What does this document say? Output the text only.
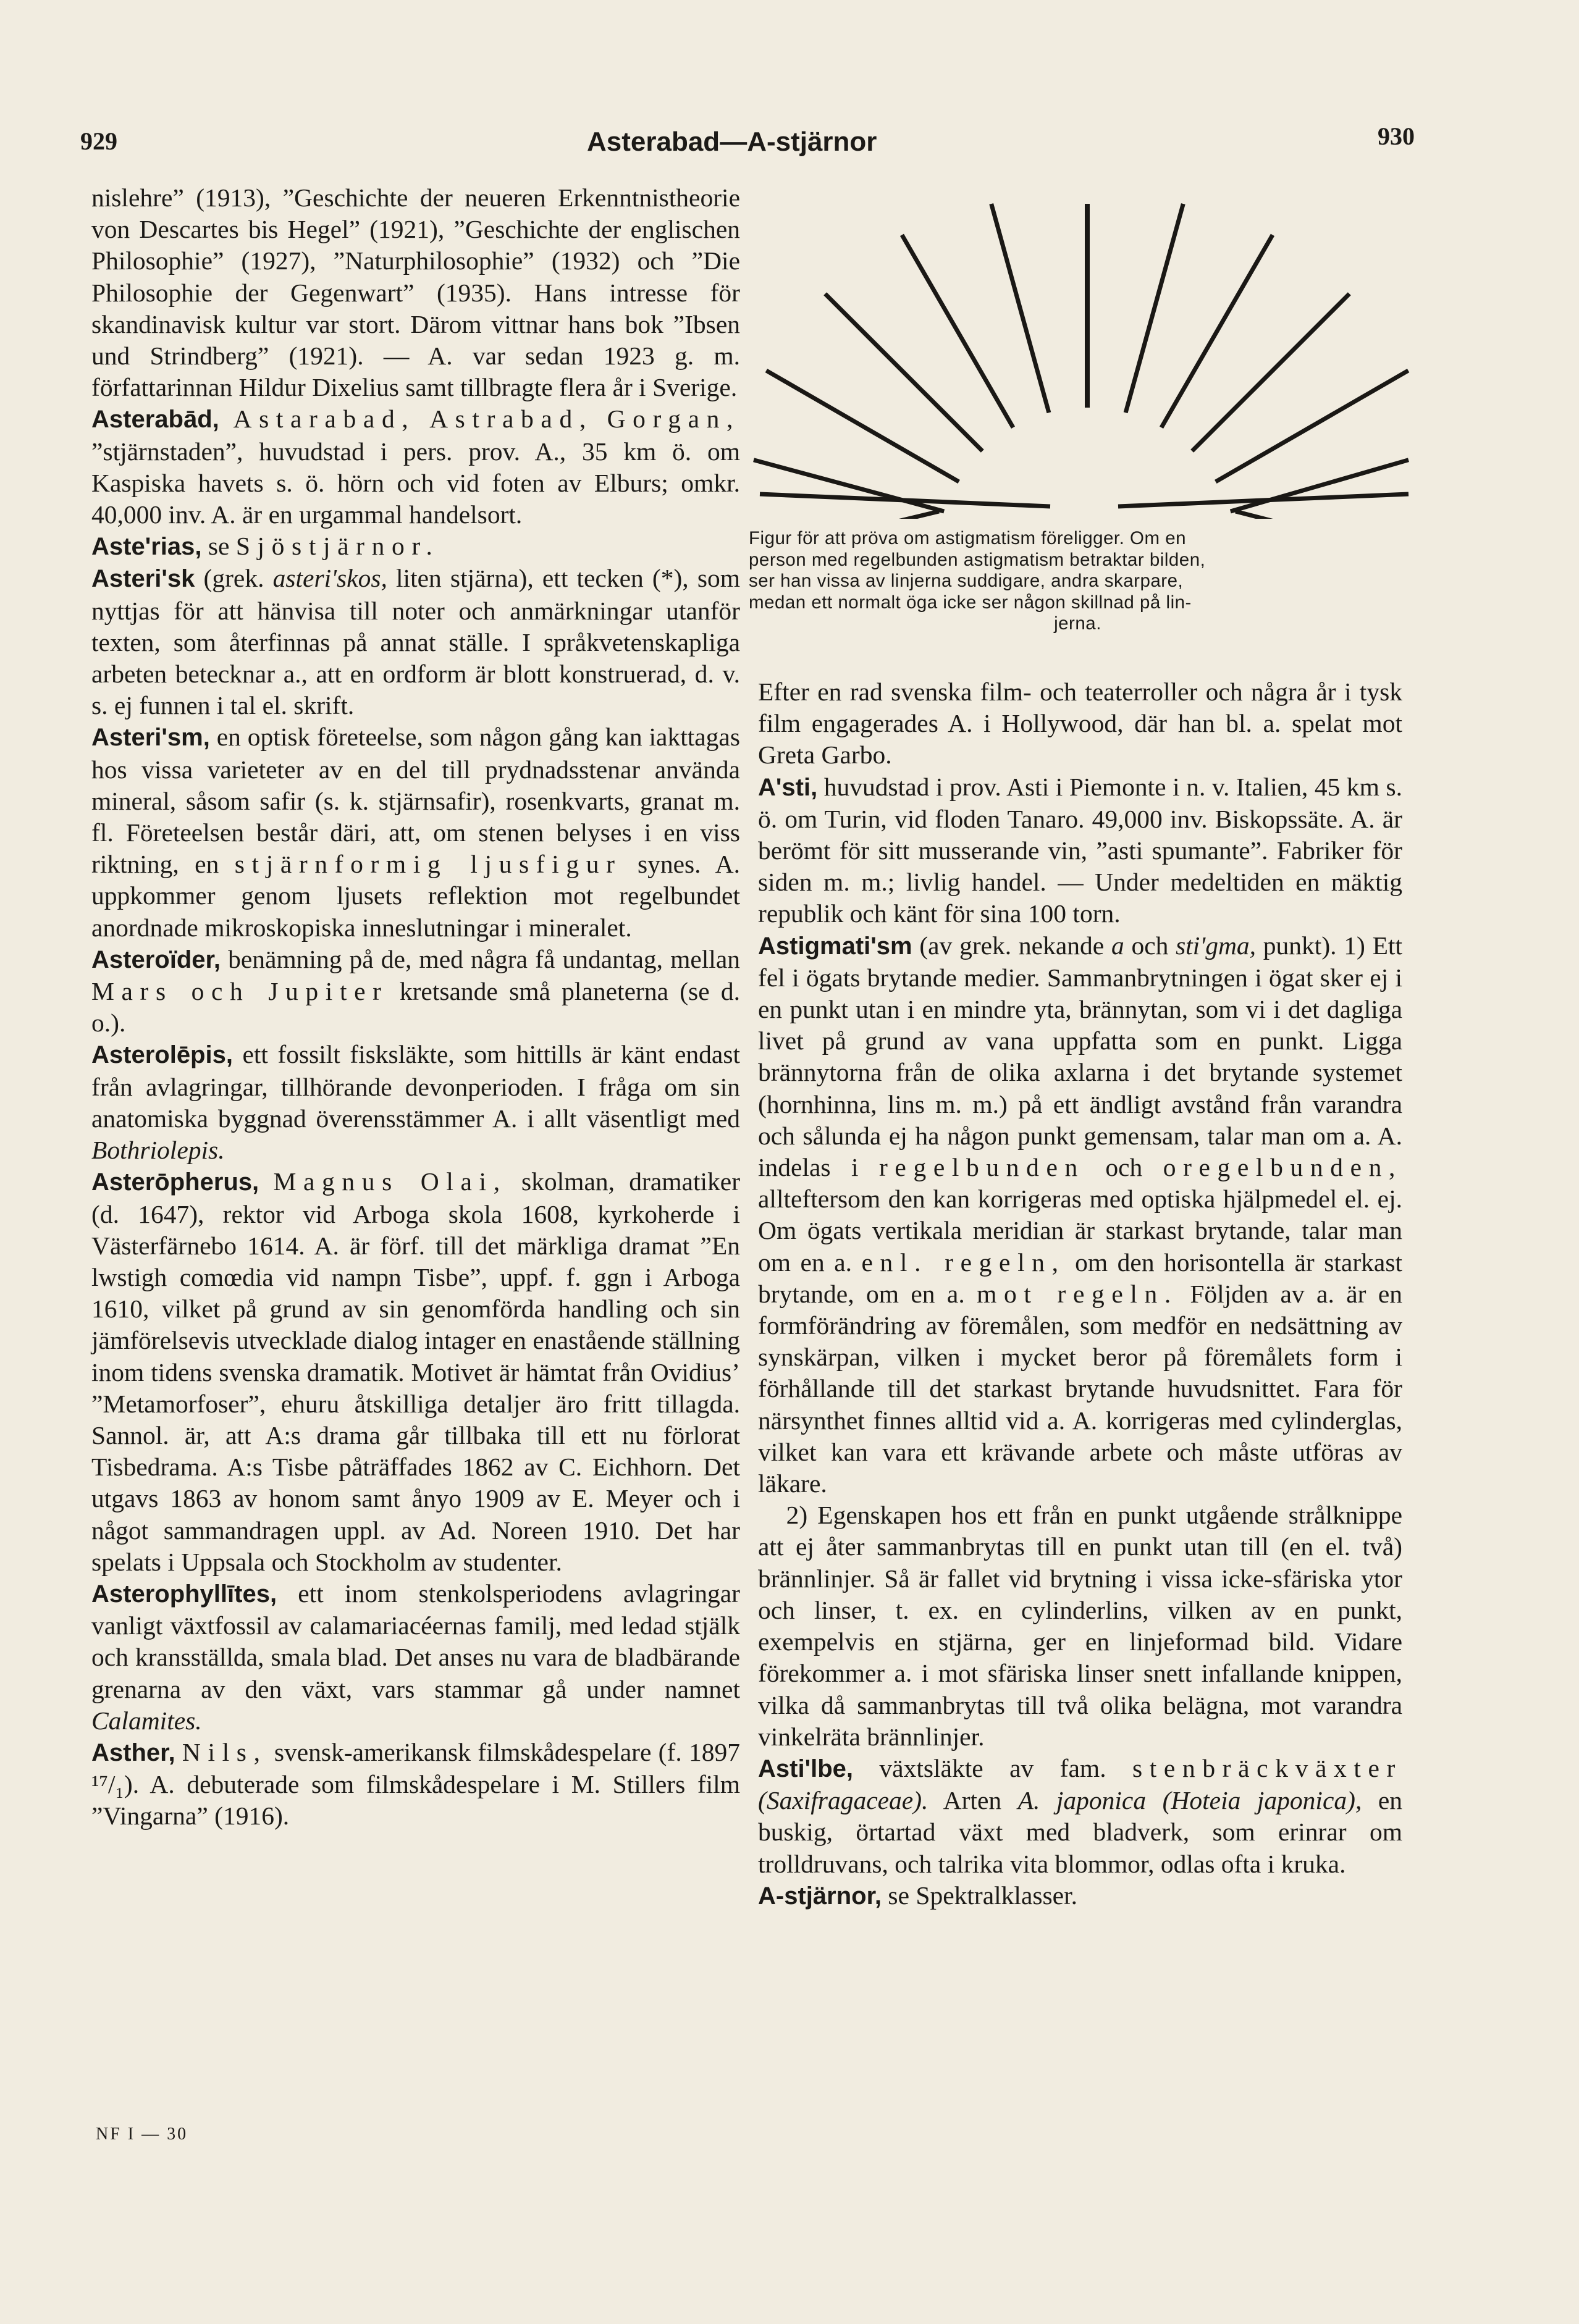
929	Asterabad—A-stjärnor	930

nislehre” (1913), ”Geschichte der neueren Erkenntnistheorie von Descartes bis Hegel” (1921), ”Geschichte der englischen Philosophie” (1927), ”Naturphilosophie” (1932) och ”Die Philosophie der Gegenwart” (1935). Hans intresse för skandinavisk kultur var stort. Därom vittnar hans bok ”Ibsen und Strindberg” (1921). — A. var sedan 1923 g. m. författarinnan Hildur Dixelius samt tillbragte flera år i Sverige.

Asterabād, Astarabad, Astrabad, Gorgan, ”stjärnstaden”, huvudstad i pers. prov. A., 35 km ö. om Kaspiska havets s. ö. hörn och vid foten av Elburs; omkr. 40,000 inv. A. är en urgammal handelsort.

Aste'rias, se Sjöstjärnor.

Asteri'sk (grek. asteri'skos, liten stjärna), ett tecken (*), som nyttjas för att hänvisa till noter och anmärkningar utanför texten, som återfinnas på annat ställe. I språkvetenskapliga arbeten betecknar a., att en ordform är blott konstruerad, d. v. s. ej funnen i tal el. skrift.

Asteri'sm, en optisk företeelse, som någon gång kan iakttagas hos vissa varieteter av en del till prydnadsstenar använda mineral, såsom safir (s. k. stjärnsafir), rosenkvarts, granat m. fl. Företeelsen består däri, att, om stenen belyses i en viss riktning, en stjärnformig ljusfigur synes. A. uppkommer genom ljusets reflektion mot regelbundet anordnade mikroskopiska inneslutningar i mineralet.

Asteroïder, benämning på de, med några få undantag, mellan Mars och Jupiter kretsande små planeterna (se d. o.).

Asterolēpis, ett fossilt fisksläkte, som hittills är känt endast från avlagringar, tillhörande devonperioden. I fråga om sin anatomiska byggnad överensstämmer A. i allt väsentligt med Bothriolepis.

Asterōpherus, Magnus Olai, skolman, dramatiker (d. 1647), rektor vid Arboga skola 1608, kyrkoherde i Västerfärnebo 1614. A. är förf. till det märkliga dramat ”En lwstigh comœdia vid nampn Tisbe”, uppf. f. ggn i Arboga 1610, vilket på grund av sin genomförda handling och sin jämförelsevis utvecklade dialog intager en enastående ställning inom tidens svenska dramatik. Motivet är hämtat från Ovidius’ ”Metamorfoser”, ehuru åtskilliga detaljer äro fritt tillagda. Sannol. är, att A:s drama går tillbaka till ett nu förlorat Tisbedrama. A:s Tisbe påträffades 1862 av C. Eichhorn. Det utgavs 1863 av honom samt ånyo 1909 av E. Meyer och i något sammandragen uppl. av Ad. Noreen 1910. Det har spelats i Uppsala och Stockholm av studenter.

Asterophyllītes, ett inom stenkolsperiodens avlagringar vanligt växtfossil av calamariacéernas familj, med ledad stjälk och kransställda, smala blad. Det anses nu vara de bladbärande grenarna av den växt, vars stammar gå under namnet Calamites.

Asther, Nils, svensk-amerikansk filmskådespelare (f. 1897 ¹⁷/₁). A. debuterade som filmskådespelare i M. Stillers film ”Vingarna” (1916).

NF I — 30
Figur för att pröva om astigmatism föreligger. Om en
person med regelbunden astigmatism betraktar bilden,
ser han vissa av linjerna suddigare, andra skarpare,
medan ett normalt öga icke ser någon skillnad på lin-
jerna.

Efter en rad svenska film- och teaterroller och några år i tysk film engagerades A. i Hollywood, där han bl. a. spelat mot Greta Garbo.

A'sti, huvudstad i prov. Asti i Piemonte i n. v. Italien, 45 km s. ö. om Turin, vid floden Tanaro. 49,000 inv. Biskopssäte. A. är berömt för sitt musserande vin, ”asti spumante”. Fabriker för siden m. m.; livlig handel. — Under medeltiden en mäktig republik och känt för sina 100 torn.

Astigmati'sm (av grek. nekande a och sti'gma, punkt). 1) Ett fel i ögats brytande medier. Sammanbrytningen i ögat sker ej i en punkt utan i en mindre yta, brännytan, som vi i det dagliga livet på grund av vana uppfatta som en punkt. Ligga brännytorna från de olika axlarna i det brytande systemet (hornhinna, lins m. m.) på ett ändligt avstånd från varandra och sålunda ej ha någon punkt gemensam, talar man om a. A. indelas i regelbunden och oregelbunden, allteftersom den kan korrigeras med optiska hjälpmedel el. ej. Om ögats vertikala meridian är starkast brytande, talar man om en a. enl. regeln, om den horisontella är starkast brytande, om en a. mot regeln. Följden av a. är en formförändring av föremålen, som medför en nedsättning av synskärpan, vilken i mycket beror på föremålets form i förhållande till det starkast brytande huvudsnittet. Fara för närsynthet finnes alltid vid a. A. korrigeras med cylinderglas, vilket kan vara ett krävande arbete och måste utföras av läkare.

2) Egenskapen hos ett från en punkt utgående strålknippe att ej åter sammanbrytas till en punkt utan till (en el. två) brännlinjer. Så är fallet vid brytning i vissa icke-sfäriska ytor och linser, t. ex. en cylinderlins, vilken av en punkt, exempelvis en stjärna, ger en linjeformad bild. Vidare förekommer a. i mot sfäriska linser snett infallande knippen, vilka då sammanbrytas till två olika belägna, mot varandra vinkelräta brännlinjer.

Asti'lbe, växtsläkte av fam. stenbräckväxter (Saxifragaceae). Arten A. japonica (Hoteia japonica), en buskig, örtartad växt med bladverk, som erinrar om trolldruvans, och talrika vita blommor, odlas ofta i kruka.

A-stjärnor, se Spektralklasser.
